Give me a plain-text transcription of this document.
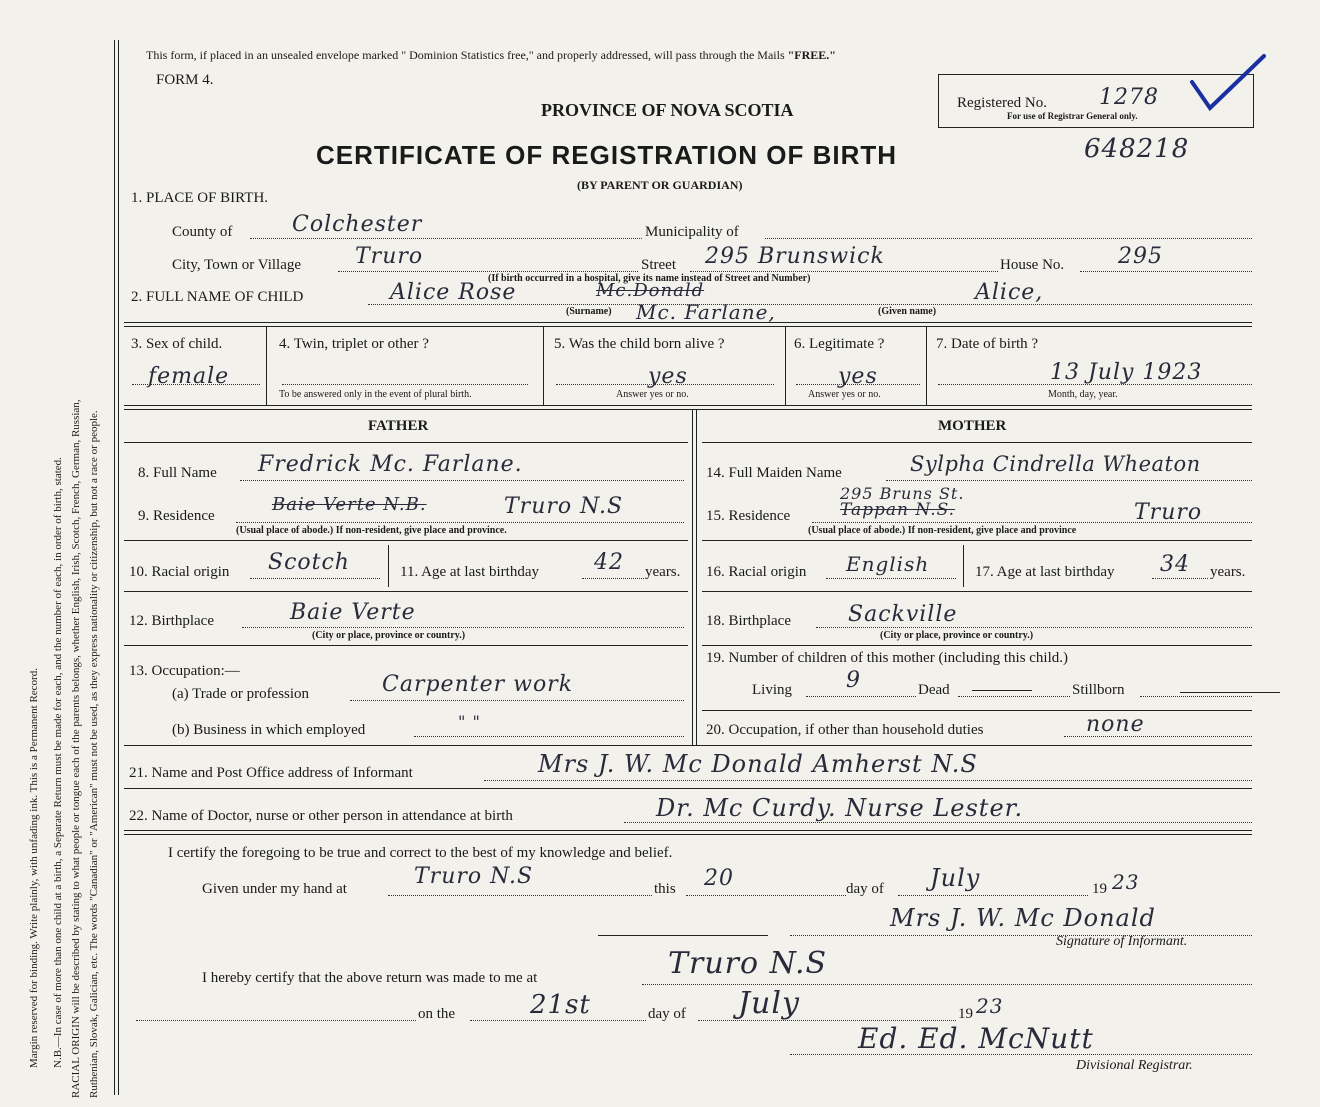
Margin reserved for binding. Write plainly, with unfading ink. This is a Permanent Record. N.B.—In case of more than one child at a birth, a Separate Return must be made for each, and the number of each, in order of birth, stated. RACIAL ORIGIN will be described by stating to what people or tongue each of the parents belongs, whether English, Irish, Scotch, French, German, Russian, Ruthenian, Slovak, Galician, etc. The words "Canadian" or "American" must not be used, as they express nationality or citizenship, but not a race or people.
This form, if placed in an unsealed envelope marked " Dominion Statistics free," and properly addressed, will pass through the Mails "FREE."
FORM 4.
PROVINCE OF NOVA SCOTIA
CERTIFICATE OF REGISTRATION OF BIRTH
(BY PARENT OR GUARDIAN)
Registered No. 1278
For use of Registrar General only.
648218
1. PLACE OF BIRTH.
County of	Colchester	Municipality of
City, Town or Village Truro	Street 295 Brunswick	House No. 295
(If birth occurred in a hospital, give its name instead of Street and Number)
2. FULL NAME OF CHILD	Alice Rose	Mc.Donald	Alice,
(Surname) Mc. Farlane,	(Given name)
3. Sex of child.
female
4. Twin, triplet or other ?
To be answered only in the event of plural birth.
5. Was the child born alive ?
yes
Answer yes or no.
6. Legitimate ?
yes
Answer yes or no.
7. Date of birth ?
13 July 1923
Month, day, year.
FATHER	MOTHER
8. Full Name Fredrick Mc. Farlane.
9. Residence
Baie Verte N.B.	Truro N.S
(Usual place of abode.) If non-resident, give place and province.
10. Racial origin Scotch	11. Age at last birthday	42 years.
12. Birthplace	Baie Verte
(City or place, province or country.)
13. Occupation:—
(a) Trade or profession	Carpenter work
(b) Business in which employed	" "
14. Full Maiden Name	Sylpha Cindrella Wheaton
15. Residence
295 Bruns St.
Tappan N.S.	Truro
(Usual place of abode.) If non-resident, give place and province
16. Racial origin English	17. Age at last birthday 34 years.
18. Birthplace	Sackville
(City or place, province or country.)
19. Number of children of this mother (including this child.)
Living 9	Dead	Stillborn
20. Occupation, if other than household duties	none
21. Name and Post Office address of Informant	Mrs J. W. Mc Donald Amherst N.S
22. Name of Doctor, nurse or other person in attendance at birth	Dr. Mc Curdy. Nurse Lester.
I certify the foregoing to be true and correct to the best of my knowledge and belief.
Given under my hand at	Truro N.S	this 20	day of July	19 23
Mrs J. W. Mc Donald
Signature of Informant.
I hereby certify that the above return was made to me at	Truro N.S
on the	21st	day of July	19 23
Ed. Ed. McNutt
Divisional Registrar.
